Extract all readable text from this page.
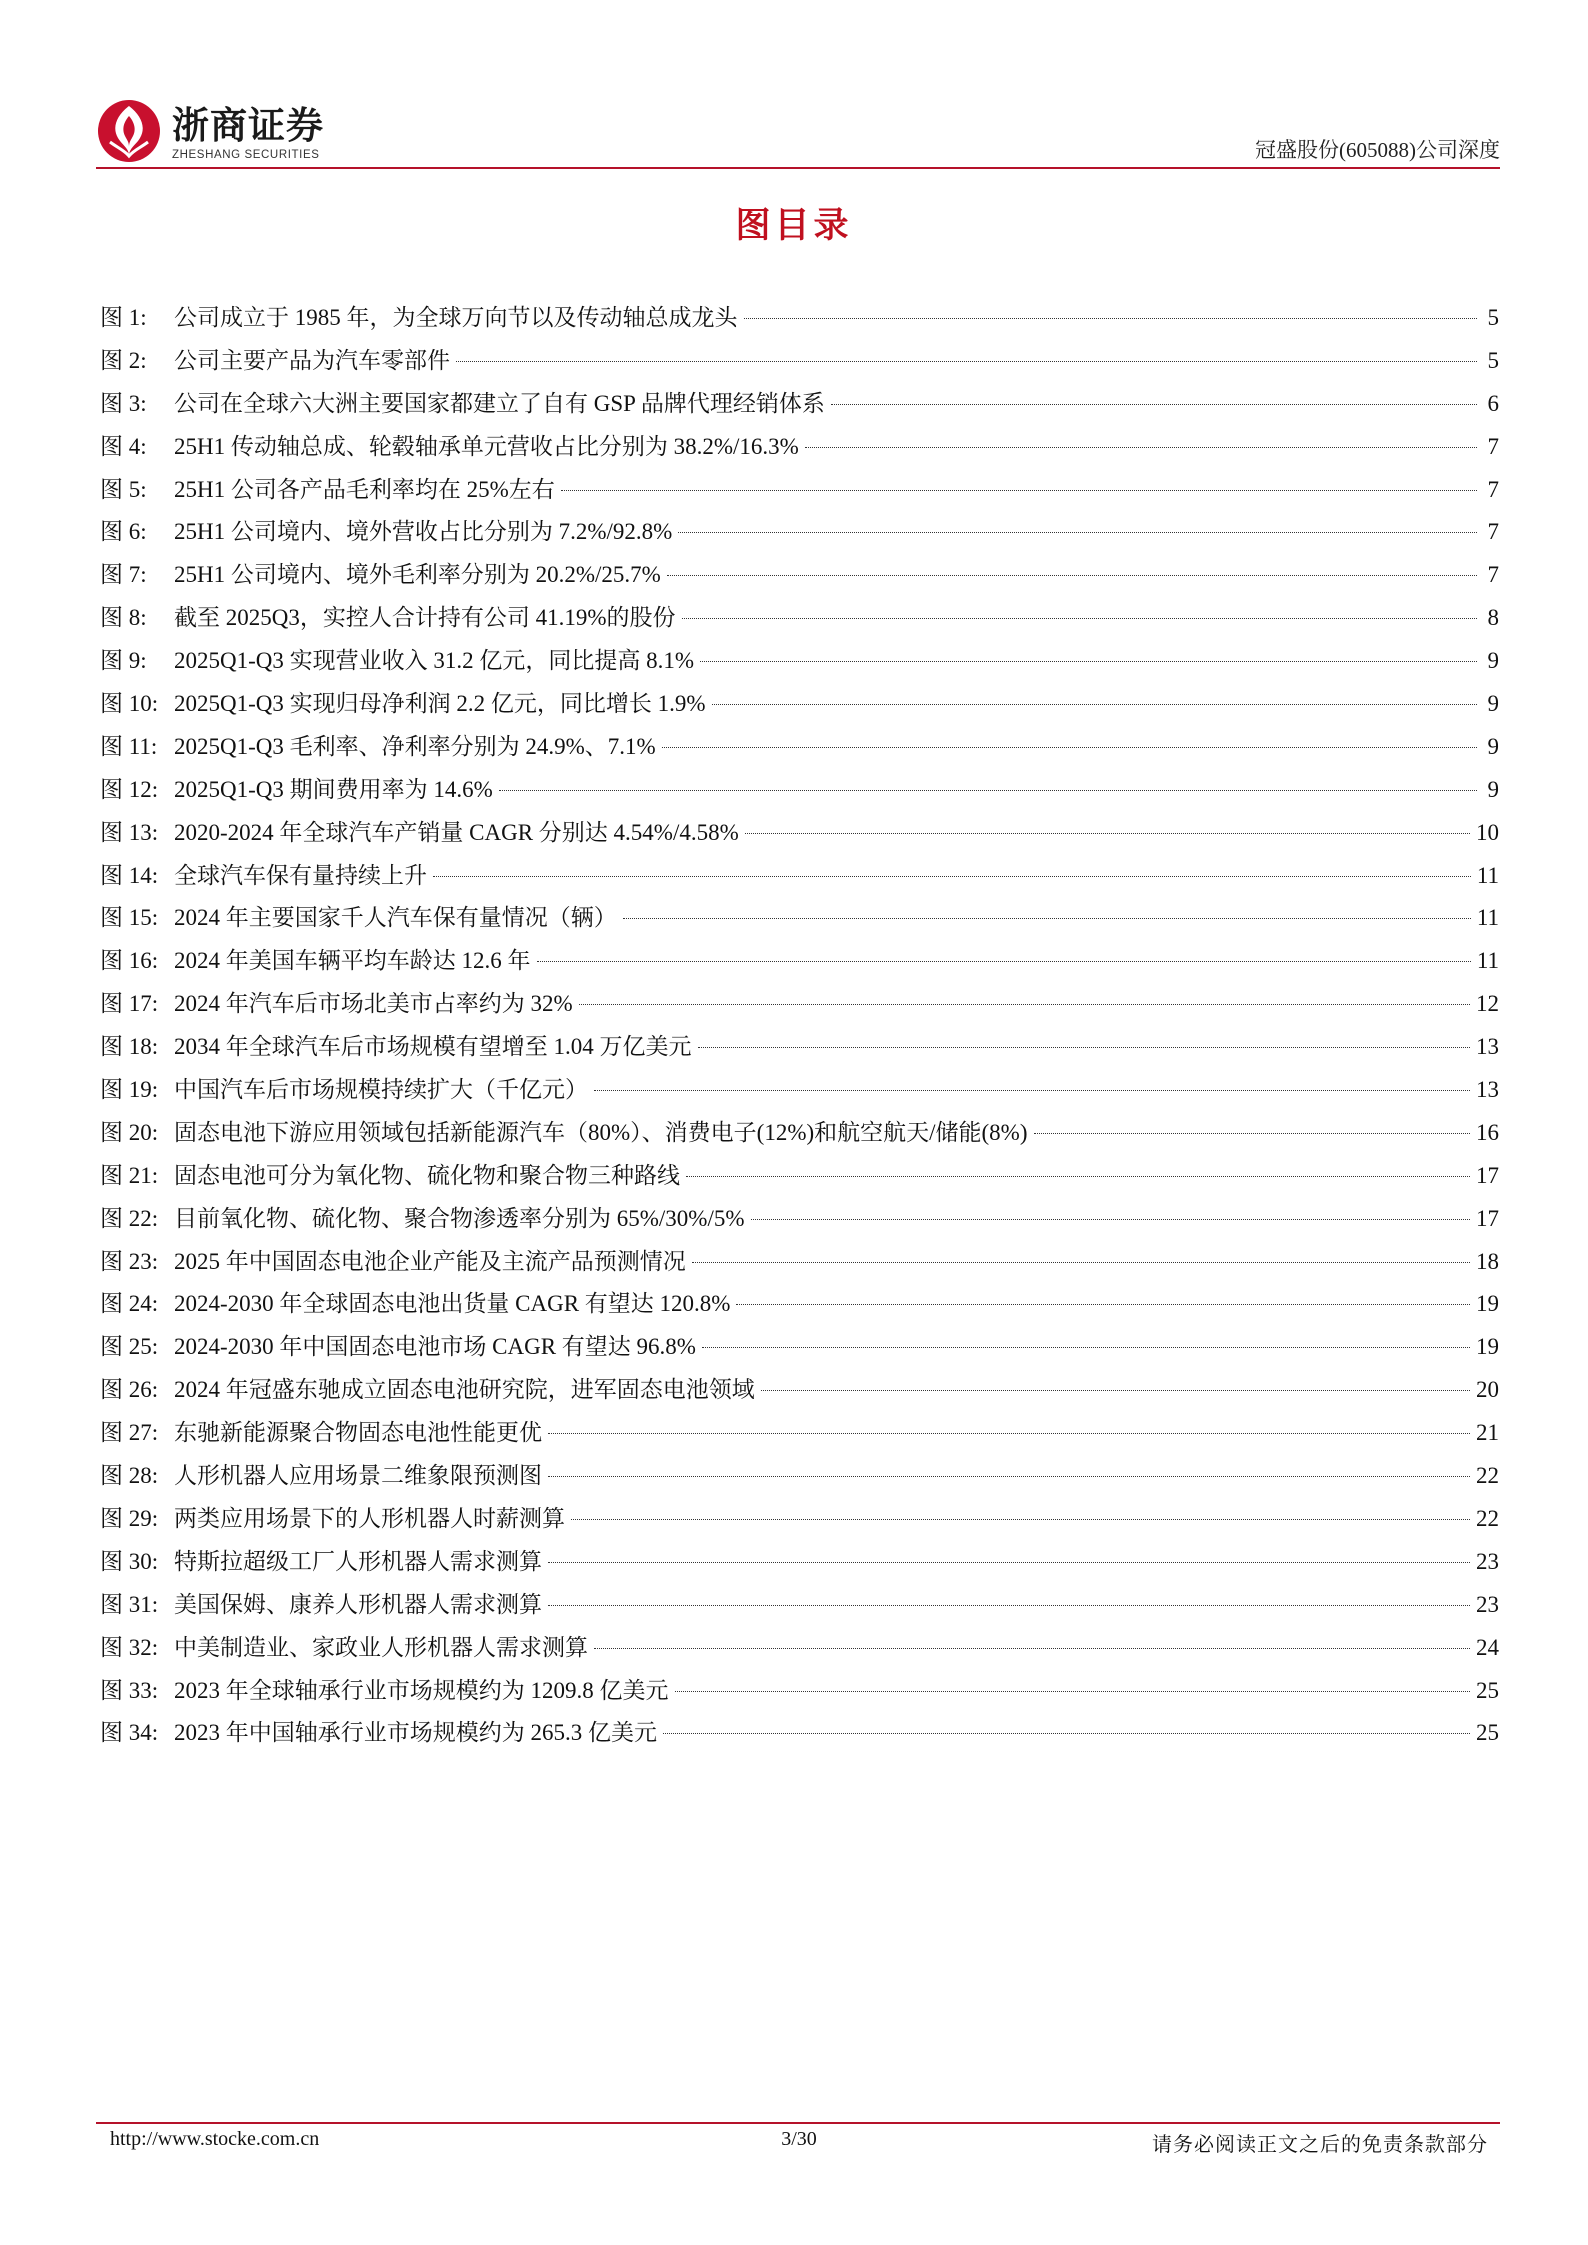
浙商证券
ZHESHANG SECURITIES	冠盛股份(605088)公司深度
图目录
图 1:	公司成立于 1985 年，为全球万向节以及传动轴总成龙头	5
图 2:	公司主要产品为汽车零部件	5
图 3:	公司在全球六大洲主要国家都建立了自有 GSP 品牌代理经销体系	6
图 4:	25H1 传动轴总成、轮毂轴承单元营收占比分别为 38.2%/16.3%	7
图 5:	25H1 公司各产品毛利率均在 25%左右	7
图 6:	25H1 公司境内、境外营收占比分别为 7.2%/92.8%	7
图 7:	25H1 公司境内、境外毛利率分别为 20.2%/25.7%	7
图 8:	截至 2025Q3，实控人合计持有公司 41.19%的股份	8
图 9:	2025Q1-Q3 实现营业收入 31.2 亿元，同比提高 8.1%	9
图 10: 2025Q1-Q3 实现归母净利润 2.2 亿元，同比增长 1.9%	9
图 11: 2025Q1-Q3 毛利率、净利率分别为 24.9%、7.1%	9
图 12: 2025Q1-Q3 期间费用率为 14.6%	9
图 13: 2020-2024 年全球汽车产销量 CAGR 分别达 4.54%/4.58%	10
图 14: 全球汽车保有量持续上升	11
图 15: 2024 年主要国家千人汽车保有量情况（辆）	11
图 16: 2024 年美国车辆平均车龄达 12.6 年	11
图 17: 2024 年汽车后市场北美市占率约为 32%	12
图 18: 2034 年全球汽车后市场规模有望增至 1.04 万亿美元	13
图 19: 中国汽车后市场规模持续扩大（千亿元）	13
图 20: 固态电池下游应用领域包括新能源汽车（80%）、消费电子(12%)和航空航天/储能(8%)	16
图 21: 固态电池可分为氧化物、硫化物和聚合物三种路线	17
图 22: 目前氧化物、硫化物、聚合物渗透率分别为 65%/30%/5%	17
图 23: 2025 年中国固态电池企业产能及主流产品预测情况	18
图 24: 2024-2030 年全球固态电池出货量 CAGR 有望达 120.8%	19
图 25: 2024-2030 年中国固态电池市场 CAGR 有望达 96.8%	19
图 26: 2024 年冠盛东驰成立固态电池研究院，进军固态电池领域	20
图 27: 东驰新能源聚合物固态电池性能更优	21
图 28: 人形机器人应用场景二维象限预测图	22
图 29: 两类应用场景下的人形机器人时薪测算	22
图 30: 特斯拉超级工厂人形机器人需求测算	23
图 31: 美国保姆、康养人形机器人需求测算	23
图 32: 中美制造业、家政业人形机器人需求测算	24
图 33: 2023 年全球轴承行业市场规模约为 1209.8 亿美元	25
图 34: 2023 年中国轴承行业市场规模约为 265.3 亿美元	25
http://www.stocke.com.cn	3/30	请务必阅读正文之后的免责条款部分
